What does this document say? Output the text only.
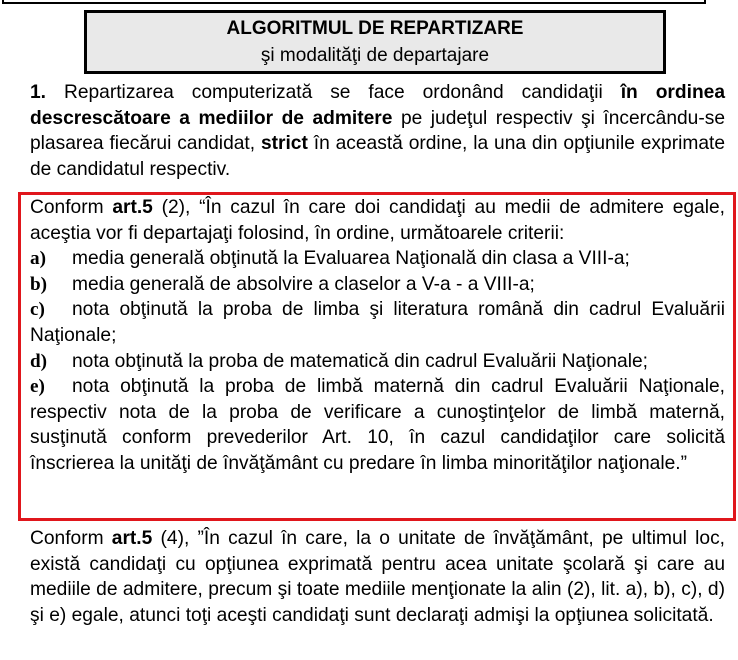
ALGORITMUL DE REPARTIZARE
şi modalităţi de departajare

1. Repartizarea computerizată se face ordonând candidaţii în ordinea descrescătoare a mediilor de admitere pe judeţul respectiv şi încercându-se plasarea fiecărui candidat, strict în această ordine, la una din opţiunile exprimate de candidatul respectiv.

Conform art.5 (2), “În cazul în care doi candidaţi au medii de admitere egale, aceştia vor fi departajaţi folosind, în ordine, următoarele criterii:
a) media generală obţinută la Evaluarea Naţională din clasa a VIII-a;
b) media generală de absolvire a claselor a V-a - a VIII-a;
c) nota obţinută la proba de limba şi literatura română din cadrul Evaluării Naţionale;
d) nota obţinută la proba de matematică din cadrul Evaluării Naţionale;
e) nota obţinută la proba de limbă maternă din cadrul Evaluării Naţionale, respectiv nota de la proba de verificare a cunoştinţelor de limbă maternă, susţinută conform prevederilor Art. 10, în cazul candidaţilor care solicită înscrierea la unităţi de învăţământ cu predare în limba minorităţilor naţionale.”

Conform art.5 (4), ”În cazul în care, la o unitate de învăţământ, pe ultimul loc, există candidaţi cu opţiunea exprimată pentru acea unitate şcolară şi care au mediile de admitere, precum şi toate mediile menţionate la alin (2), lit. a), b), c), d) şi e) egale, atunci toţi aceşti candidaţi sunt declaraţi admişi la opţiunea solicitată.
